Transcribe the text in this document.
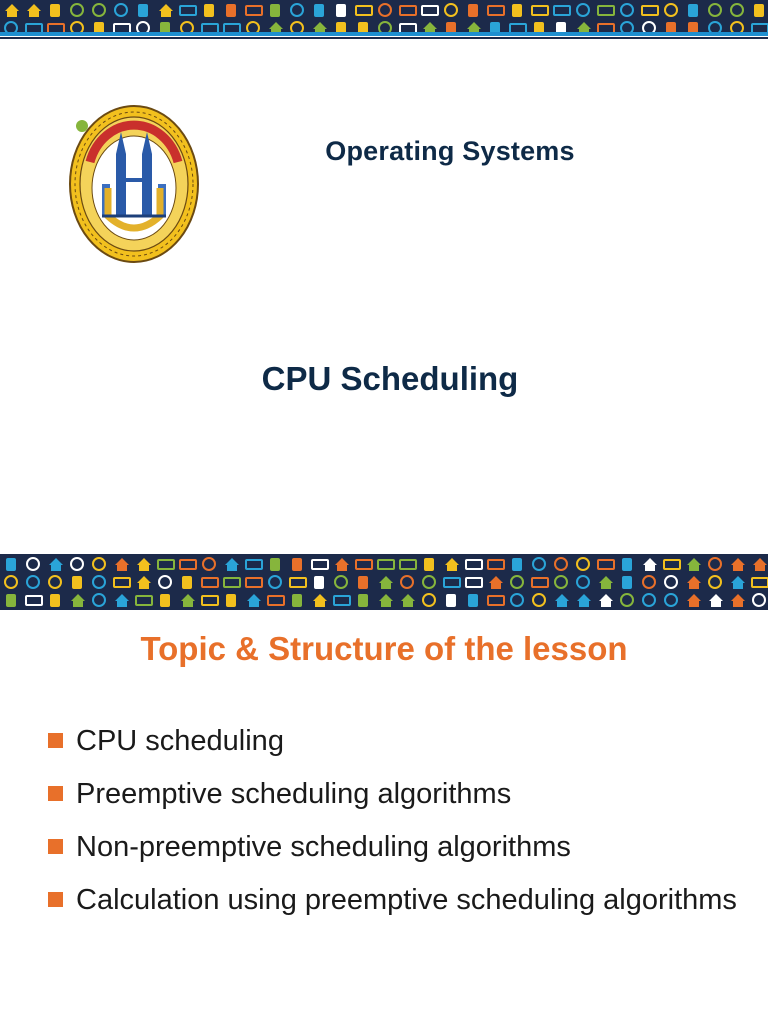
Operating Systems
CPU Scheduling
Topic & Structure of the lesson
CPU scheduling
Preemptive scheduling algorithms
Non-preemptive scheduling algorithms
Calculation using preemptive scheduling algorithms
